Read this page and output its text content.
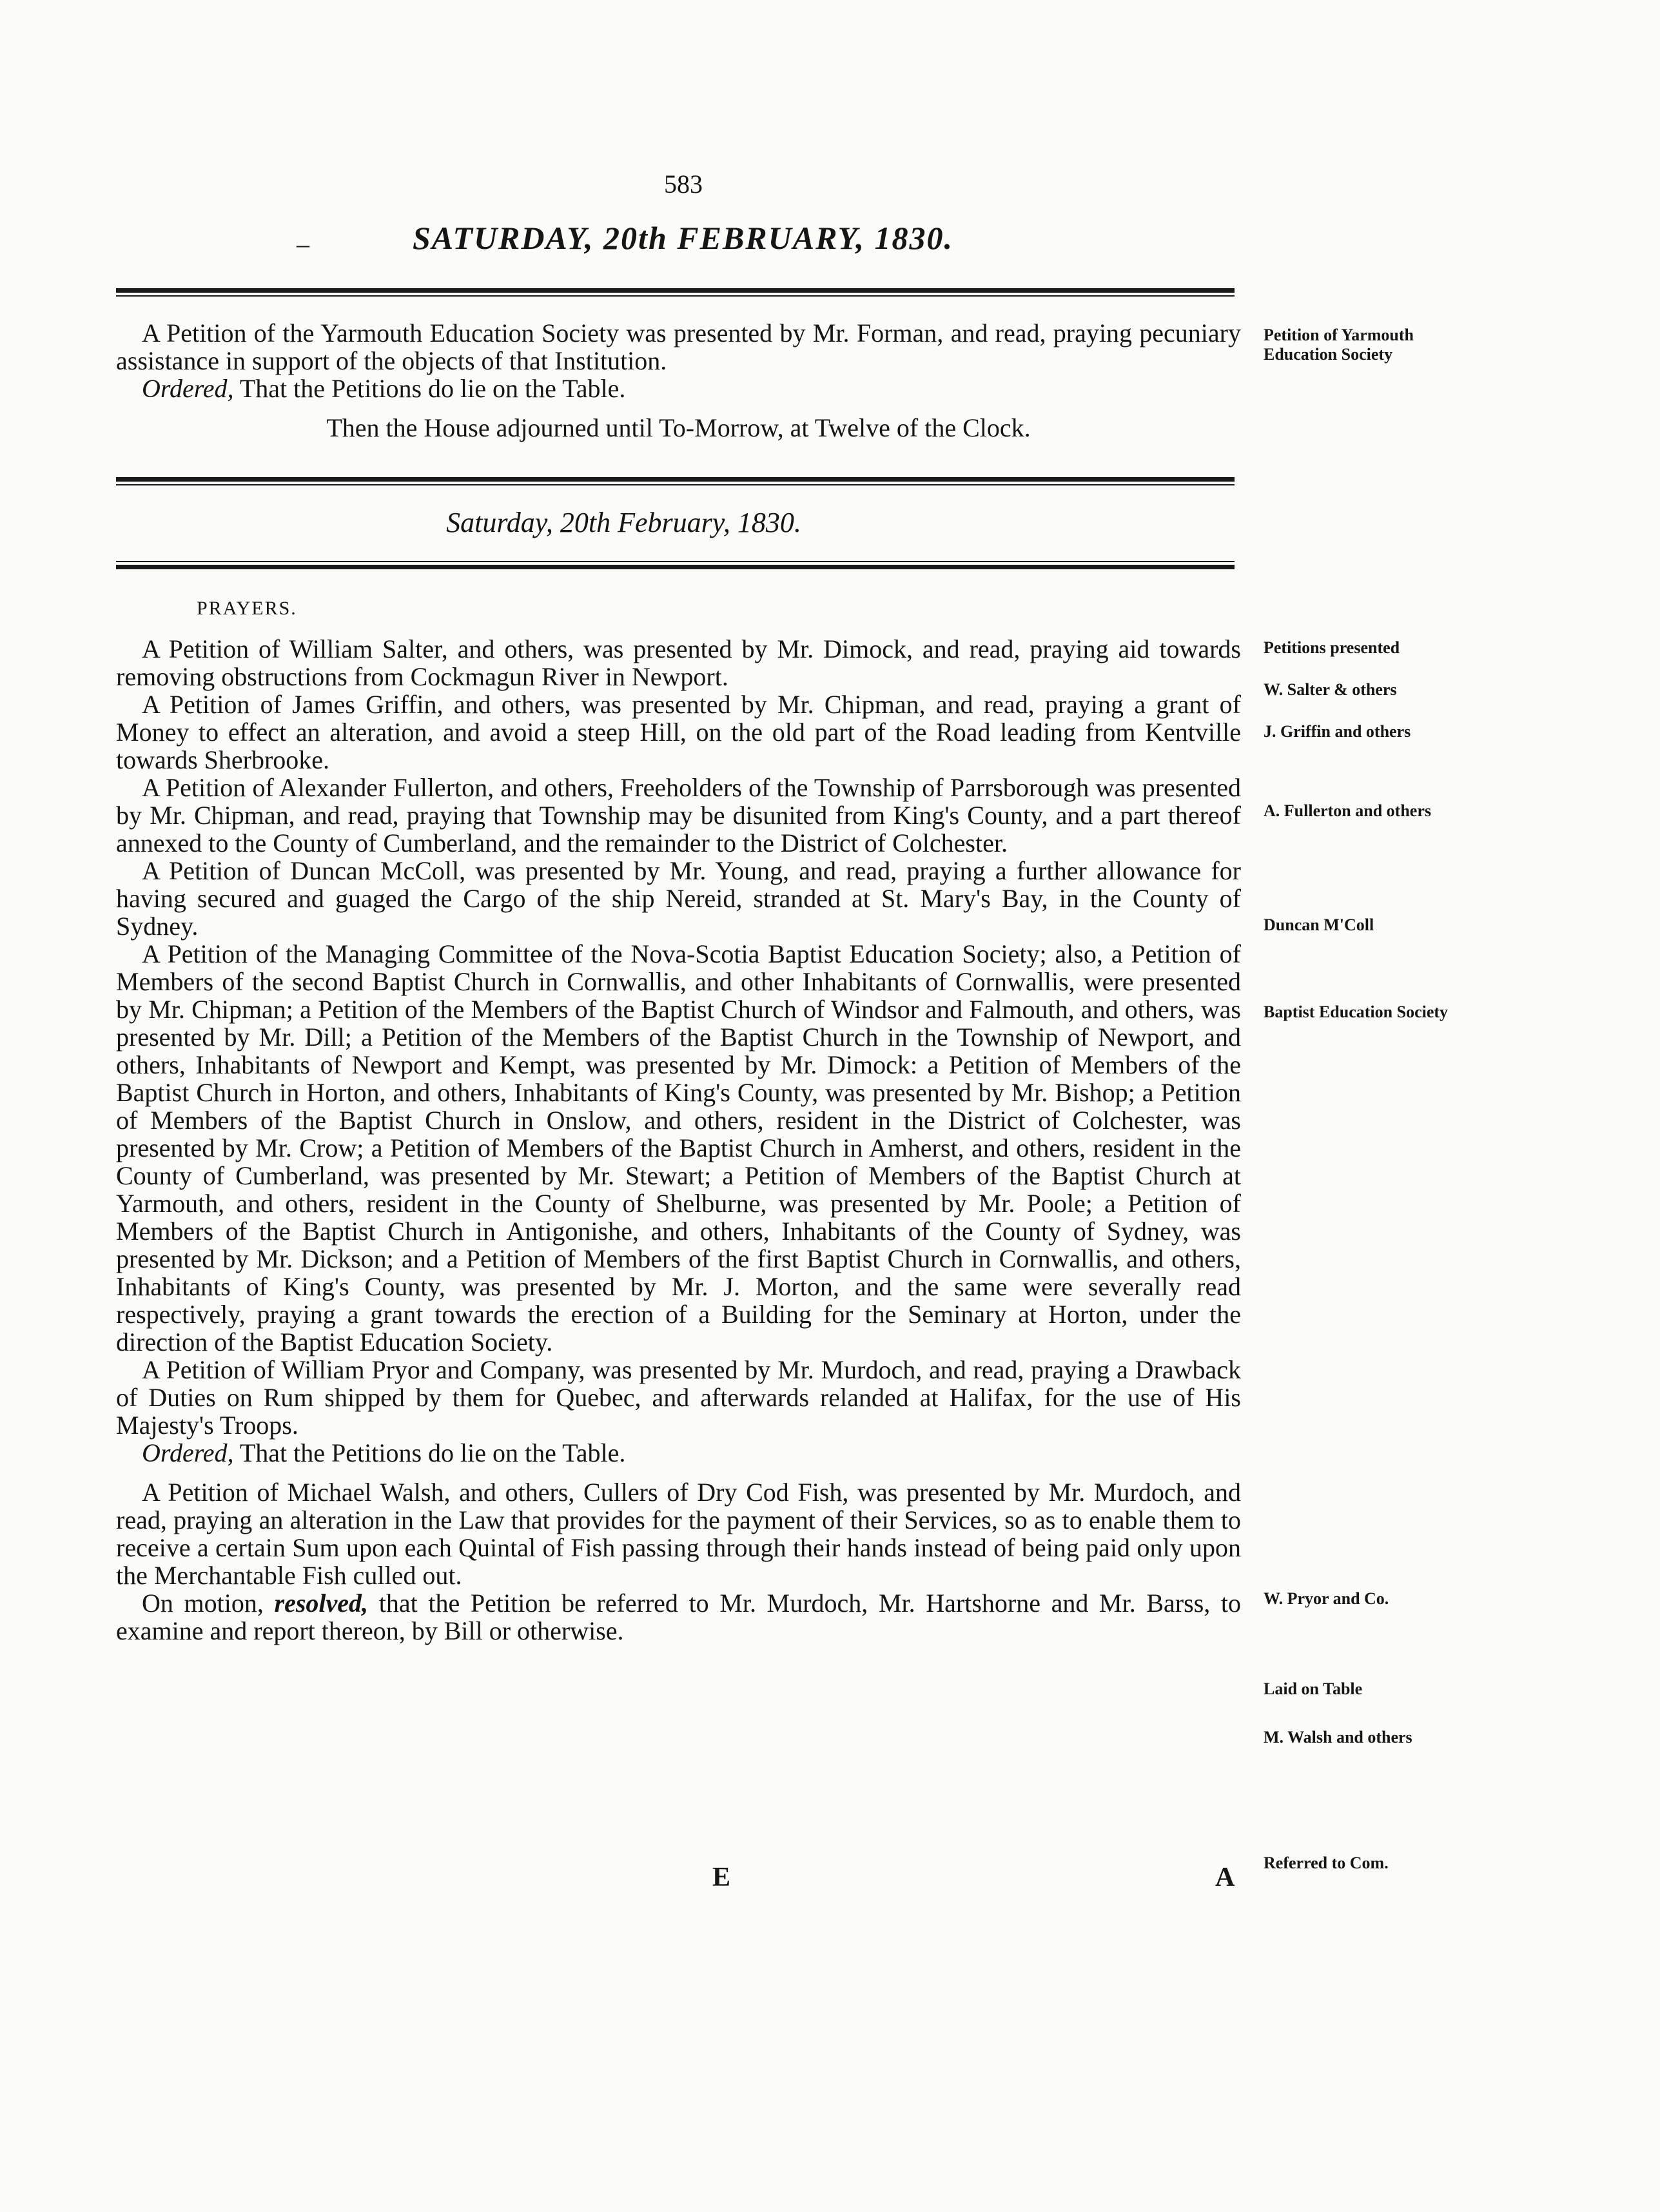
583
–	SATURDAY, 20th FEBRUARY, 1830.

A Petition of the Yarmouth Education Society was presented by Mr. Forman, and read, praying pecuniary assistance in support of the objects of that Institution.

Ordered, That the Petitions do lie on the Table.

Then the House adjourned until To-Morrow, at Twelve of the Clock.

Saturday, 20th February, 1830.
PRAYERS.

A Petition of William Salter, and others, was presented by Mr. Dimock, and read, praying aid towards removing obstructions from Cockmagun River in Newport.

A Petition of James Griffin, and others, was presented by Mr. Chipman, and read, praying a grant of Money to effect an alteration, and avoid a steep Hill, on the old part of the Road leading from Kentville towards Sherbrooke.

A Petition of Alexander Fullerton, and others, Freeholders of the Township of Parrsborough was presented by Mr. Chipman, and read, praying that Township may be disunited from King's County, and a part thereof annexed to the County of Cumberland, and the remainder to the District of Colchester.

A Petition of Duncan McColl, was presented by Mr. Young, and read, praying a further allowance for having secured and guaged the Cargo of the ship Nereid, stranded at St. Mary's Bay, in the County of Sydney.

A Petition of the Managing Committee of the Nova-Scotia Baptist Education Society; also, a Petition of Members of the second Baptist Church in Cornwallis, and other Inhabitants of Cornwallis, were presented by Mr. Chipman; a Petition of the Members of the Baptist Church of Windsor and Falmouth, and others, was presented by Mr. Dill; a Petition of the Members of the Baptist Church in the Township of Newport, and others, Inhabitants of Newport and Kempt, was presented by Mr. Dimock: a Petition of Members of the Baptist Church in Horton, and others, Inhabitants of King's County, was presented by Mr. Bishop; a Petition of Members of the Baptist Church in Onslow, and others, resident in the District of Colchester, was presented by Mr. Crow; a Petition of Members of the Baptist Church in Amherst, and others, resident in the County of Cumberland, was presented by Mr. Stewart; a Petition of Members of the Baptist Church at Yarmouth, and others, resident in the County of Shelburne, was presented by Mr. Poole; a Petition of Members of the Baptist Church in Antigonishe, and others, Inhabitants of the County of Sydney, was presented by Mr. Dickson; and a Petition of Members of the first Baptist Church in Cornwallis, and others, Inhabitants of King's County, was presented by Mr. J. Morton, and the same were severally read respectively, praying a grant towards the erection of a Building for the Seminary at Horton, under the direction of the Baptist Education Society.

A Petition of William Pryor and Company, was presented by Mr. Murdoch, and read, praying a Drawback of Duties on Rum shipped by them for Quebec, and afterwards relanded at Halifax, for the use of His Majesty's Troops.

Ordered, That the Petitions do lie on the Table.

A Petition of Michael Walsh, and others, Cullers of Dry Cod Fish, was presented by Mr. Murdoch, and read, praying an alteration in the Law that provides for the payment of their Services, so as to enable them to receive a certain Sum upon each Quintal of Fish passing through their hands instead of being paid only upon the Merchantable Fish culled out.

On motion, resolved, that the Petition be referred to Mr. Murdoch, Mr. Hartshorne and Mr. Barss, to examine and report thereon, by Bill or otherwise.

Petition of Yarmouth Education Society
Petitions presented
W. Salter & others
J. Griffin and others
A. Fullerton and others
Duncan M'Coll
Baptist Education Society
W. Pryor and Co.
Laid on Table
M. Walsh and others
Referred to Com.
E	A
